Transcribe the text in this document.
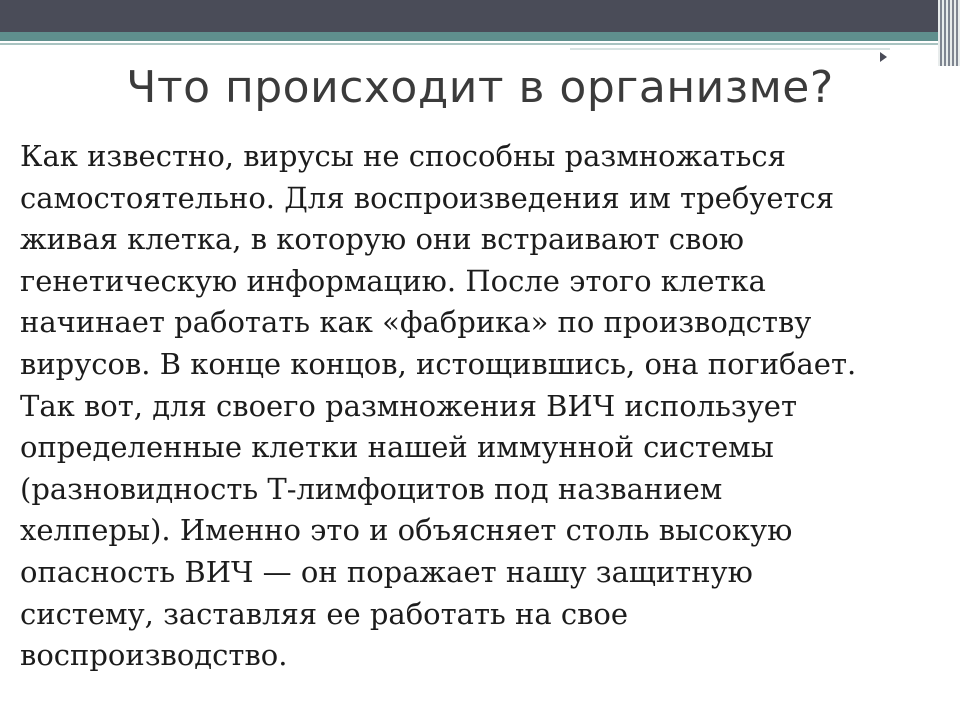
Что происходит в организме?

Как известно, вирусы не способны размножаться
самостоятельно. Для воспроизведения им требуется
живая клетка, в которую они встраивают свою
генетическую информацию. После этого клетка
начинает работать как «фабрика» по производству
вирусов. В конце концов, истощившись, она погибает.
Так вот, для своего размножения ВИЧ использует
определенные клетки нашей иммунной системы
(разновидность Т-лимфоцитов под названием
хелперы). Именно это и объясняет столь высокую
опасность ВИЧ — он поражает нашу защитную
систему, заставляя ее работать на свое
воспроизводство.
